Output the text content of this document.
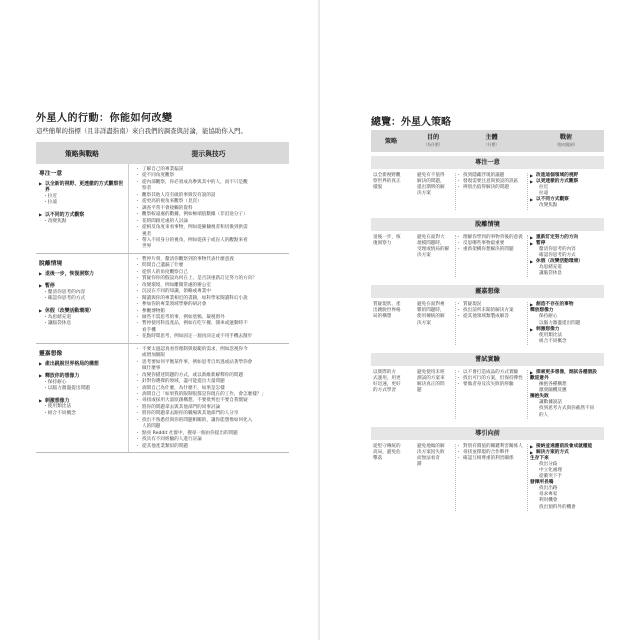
外星人的行動：你能如何改變
這些簡單的指標（且非詳盡指南）來自我們的調查與討論，能協助你入門。
策略與戰略	提示與技巧
專注一意
▶ 以全新的視野、更透徹的方式觀察世界
・ 拉近
・ 拉遠
▶ 以不同的方式觀察
・ 改變焦點
・ 了解自己的專業偏誤
・ 從不同角度觀察
・ 從內部觀察，你必須成為參與其中的人，而不只是觀
察者
・ 觀察其他人沒有做的事與沒有說的話
・ 從更高的視角來觀察（見頁）
・ 調查平常不會接觸的資料
・ 觀察較遠處的數據，例如極端值數據（非沿途分子）
・ 花時間跟近處的人討論
・ 從相反角度來看事物，例如從僱傭視者和切換到供需
視者
・ 帶入不同身分的視角，例如從孩子或盲人的觀點來看
世界
脫離情境
▶ 退後一步，恢復洞察力
▶ 暫停
・ 釐清你思考的內容
・ 確認你思考的方式
▶ 休假（改變活動環境）
・ 為思緒充電
・ 讓腦袋休息
・ 暫停片刻，釐清你觀察到的事物代表什麼意義
・ 問問自己遺漏了什麼
・ 從別人的角度觀察自己
・ 質疑你你的假設為何在上，是否該重新訂定努力的方向？
・ 改變環境，例如離開常處的辦公室
・ 沉浸在不同的知識，領略或專業中
・ 閱讀與你的專業相近的書籍，如科學家閱讀科幻小說
・ 參加你的專業領域學辦的研討會
・ 參觀博物館
・ 做些不需思考的事，例如塗鴉、凝視窗外
・ 暫停使用科技產品，例如在吃午餐、開車或運動時不
看手機
・ 花點時間思考，例如固定一週再決定或不用手機去散步
靈嘉想像
▶ 產出跳脫世界格局的構想
▶ 釋放你的想像力
・ 保持耐心
・ 以腦力激盪提出問題
▶ 刺激想像力
・ 使用類比法
・ 組合不同概念
・ 不要太過認真看待理制與規範的需求，例如忽視你今
或增加額限
・ 思考要如何平衡某件事，例如思考自馬逃或站著學你會
做什麼事
・ 改變你描述問題的方式，或以新維新解釋你的問題
・ 針對你選擇的領域，盡可能提出大量問題
・ 詢問自己為什麼，為什麼不，如果是怎樣
・ 詢問自己「如果我的限制很都是你現在的工作，會怎麼樣？」
・ 尋找或採用大量原創構想，不要批判也不要自我懷疑
・ 將你的問題拿去與其他部門的同事討論
・ 將你的問題拿去跟你的職場與其他部門的人分享
・ 找出不熟悉但與你的問題相關的，讓你能想像如何化入
人的問題
・ 點亮 Reddit 社群中，搜尋一個由你提出的問題
・ 找具有不同經驗的人進行討論
・ 從其他產業類似的問題
總覽：外星人策略
策略	目的
（為什麼）
主體
（什麼）
戰術
（如何做到）
專注一意
以全新視野觀
察世界的真正
樣貌
避免有不值得
解決的問題，
提出期明的解
決方案
・ 找到隱藏浮現的議題
・ 發現需要注意與預設的誤區
・ 辨別出值得解決的問題
▶ 改進這個領域的視野
▶ 以更透徹的方式觀察
拉近
拉遠
▶ 以不同方式觀察
改變焦點
脫離情境
退後一步，恢
復洞察力
避免在面對大
規模問題時，
受理或情局的解
決方案
・ 理解你學到的事物背後的意義
・ 反思哪些事物最重要
・ 重新架構你想解決的問題
▶ 重新訂定努力的方向
▶ 暫停
釐清你思考的內容
確認你思考的方式
▶ 休假（改變活動環境）
為思緒充電
讓腦袋休息
靈嘉想像
質疑現狀，產
出跳脫世界格
局的構想
避免在面對複
雜的問題時，
使用傳統的解
決方案
・ 質疑現況
・ 找出前所未聞的解決方案
・ 從其他領域類製成解答
▶ 創造不存在的事物
釋放想像力
保持耐心
以腦力激盪提出問題
▶ 刺激想像力
使用類比法
組合不同概念
嘗試實驗
以實際的方
式運用，用更
好迅速，更好
的方式學習
避免使用未經
測試的方案來
解決真正的問
題
・ 以不會打造成品的方式實驗
・ 找出可行的方案，但保持彈性
・ 要做者身及次失敗的經驗
▶ 探索更多想像，測試各種假設
歡迎意外
擁抱各種構想
激發隨機反應
擁抱失敗
讓數據說話
找到思考方式與你截然不同
的人
導引向前
從堅守傳統的
高局，避免危
擊落
避免地做的解
決方案因失敗
而無法看奇
蹟
・ 對別有價值的關鍵利害關係人
・ 尋找並擇現的合作夥伴
・ 確認互相尊重的利害關係
▶ 接納並通應前段會成就權能
▶ 解決方案的方式
生存下來
找出分歧
中立化處理
從衝突下手
發揮所長鳴
找出出路
尋求專家
利用機會
找出預料外的機會
